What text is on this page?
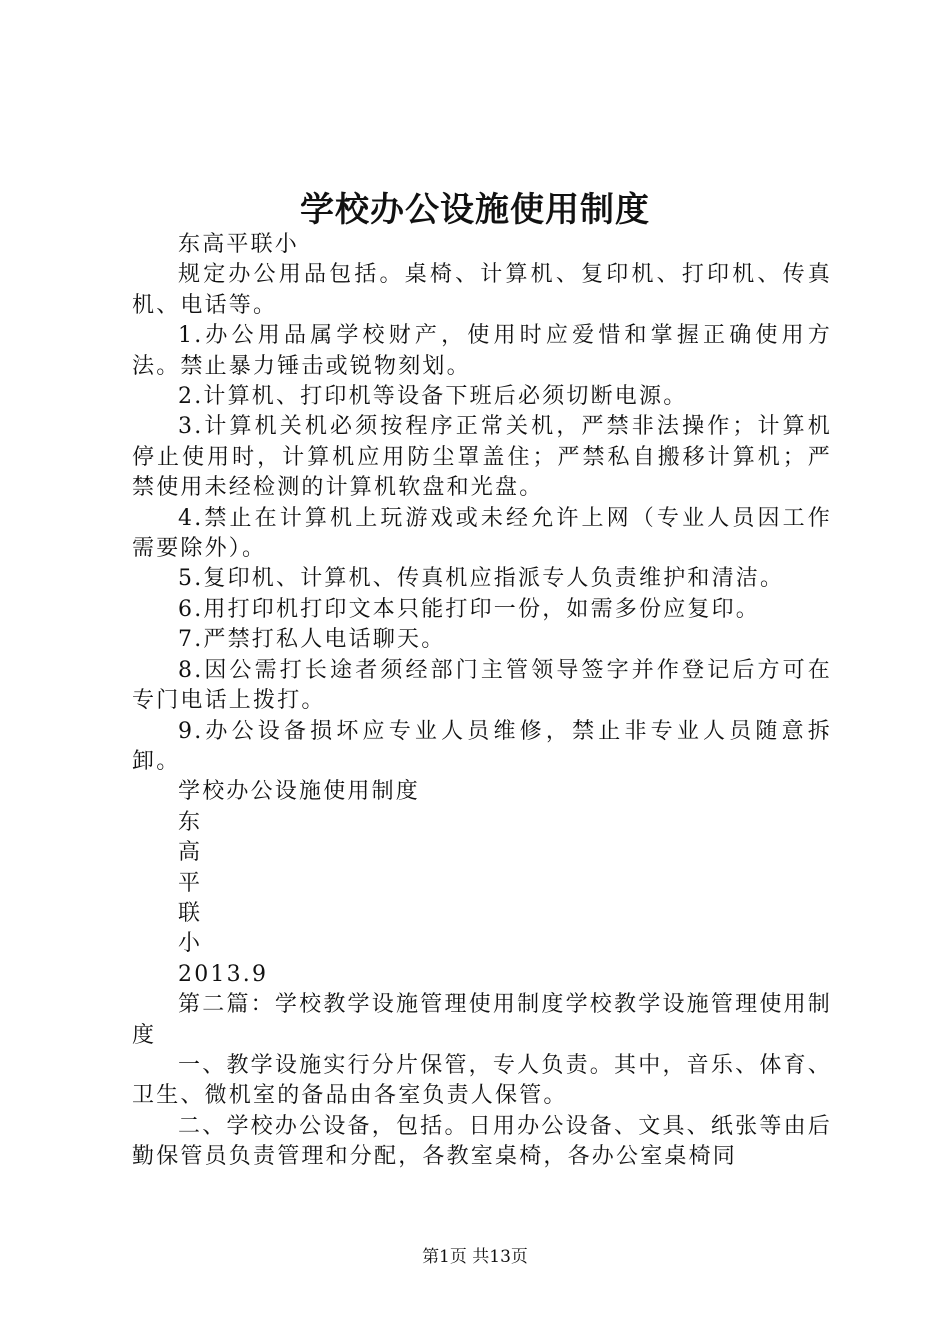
学校办公设施使用制度

东高平联小

规定办公用品包括。桌椅、计算机、复印机、打印机、传真机、电话等。

1.办公用品属学校财产，使用时应爱惜和掌握正确使用方法。禁止暴力锤击或锐物刻划。

2.计算机、打印机等设备下班后必须切断电源。

3.计算机关机必须按程序正常关机，严禁非法操作；计算机停止使用时，计算机应用防尘罩盖住；严禁私自搬移计算机；严禁使用未经检测的计算机软盘和光盘。

4.禁止在计算机上玩游戏或未经允许上网（专业人员因工作需要除外）。

5.复印机、计算机、传真机应指派专人负责维护和清洁。

6.用打印机打印文本只能打印一份，如需多份应复印。

7.严禁打私人电话聊天。

8.因公需打长途者须经部门主管领导签字并作登记后方可在专门电话上拨打。

9.办公设备损坏应专业人员维修，禁止非专业人员随意拆卸。

学校办公设施使用制度

东

高

平

联

小

2013.9

第二篇：学校教学设施管理使用制度学校教学设施管理使用制度

一、教学设施实行分片保管，专人负责。其中，音乐、体育、卫生、微机室的备品由各室负责人保管。

二、学校办公设备，包括。日用办公设备、文具、纸张等由后勤保管员负责管理和分配，各教室桌椅，各办公室桌椅同

第1页 共13页
